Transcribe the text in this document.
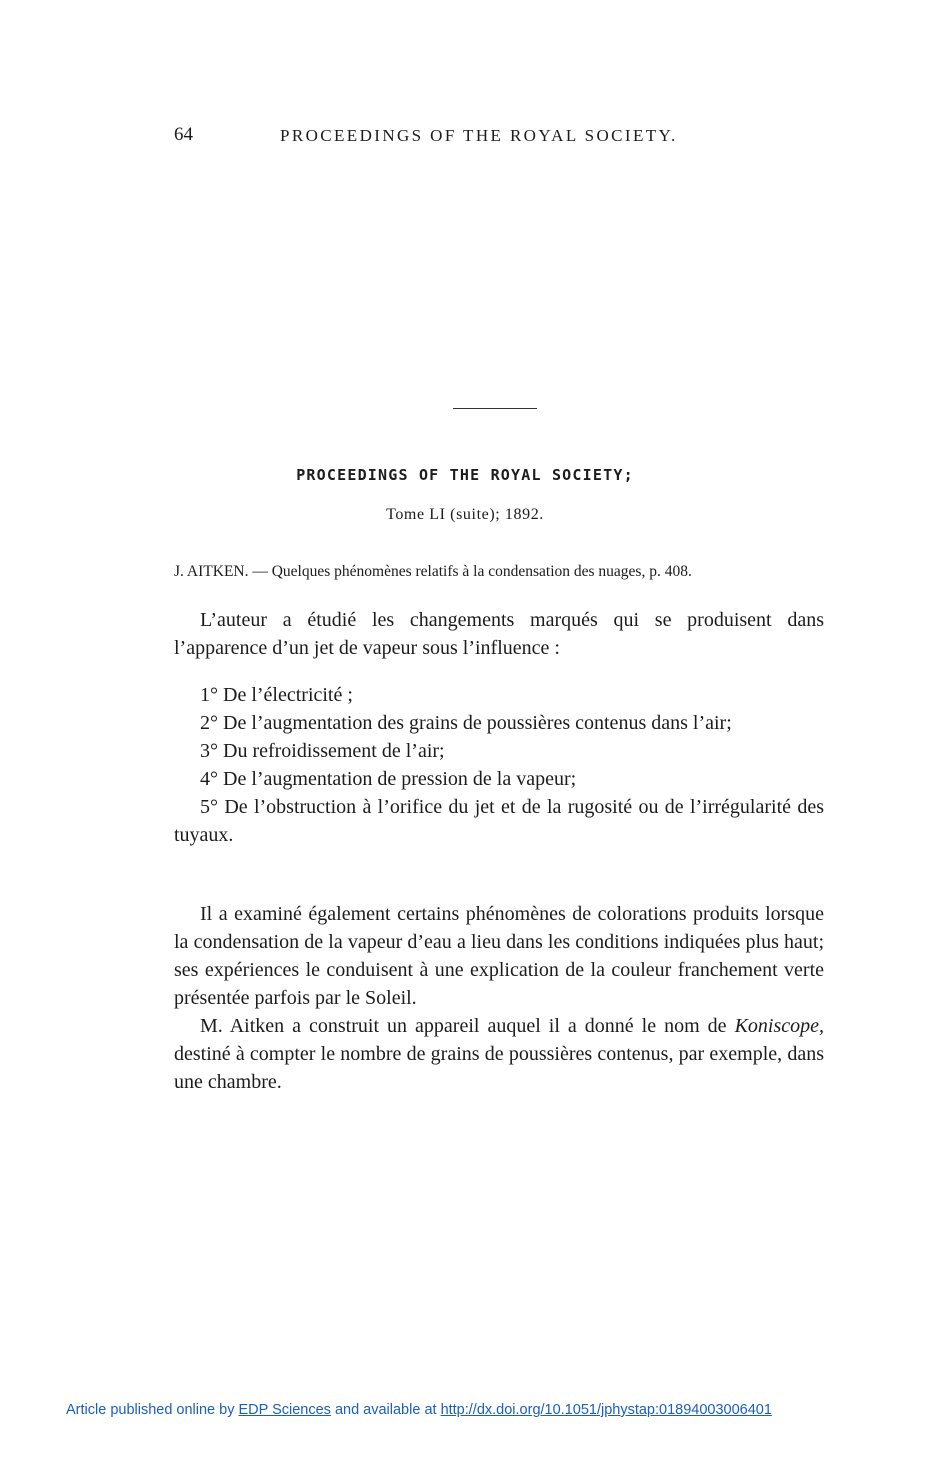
64	PROCEEDINGS OF THE ROYAL SOCIETY.
PROCEEDINGS OF THE ROYAL SOCIETY;
Tome LI (suite); 1892.
J. AITKEN. — Quelques phénomènes relatifs à la condensation des nuages, p. 408.

L’auteur a étudié les changements marqués qui se produisent dans l’apparence d’un jet de vapeur sous l’influence :

1° De l’électricité ;

2° De l’augmentation des grains de poussières contenus dans l’air;

3° Du refroidissement de l’air;

4° De l’augmentation de pression de la vapeur;

5° De l’obstruction à l’orifice du jet et de la rugosité ou de l’irrégularité des tuyaux.

Il a examiné également certains phénomènes de colorations produits lorsque la condensation de la vapeur d’eau a lieu dans les conditions indiquées plus haut; ses expériences le conduisent à une explication de la couleur franchement verte présentée parfois par le Soleil.

M. Aitken a construit un appareil auquel il a donné le nom de Koniscope, destiné à compter le nombre de grains de poussières contenus, par exemple, dans une chambre.

Article published online by EDP Sciences and available at http://dx.doi.org/10.1051/jphystap:01894003006401
